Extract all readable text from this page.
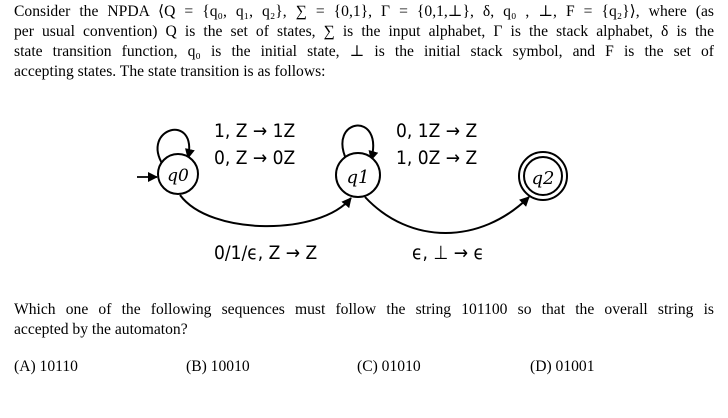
Consider the NPDA ⟨Q = {q₀, q₁, q₂}, ∑ = {0,1}, Γ = {0,1,⊥}, δ, q₀ , ⊥, F = {q₂}⟩, where (as
per usual convention) Q is the set of states, ∑ is the input alphabet, Γ is the stack alphabet, δ is the
state transition function, q₀ is the initial state, ⊥ is the initial stack symbol, and F is the set of
accepting states. The state transition is as follows:
q0	q1	q2
1, Z → 1Z
0, Z → 0Z
0, 1Z → Z
1, 0Z → Z
0/1/ϵ, Z → Z	ϵ, ⊥ → ϵ
Which one of the following sequences must follow the string 101100 so that the overall string is
accepted by the automaton?
(A) 10110	(B) 10010	(C) 01010	(D) 01001
